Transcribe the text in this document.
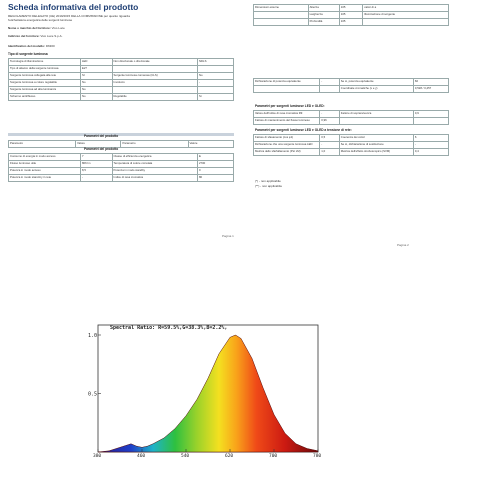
Scheda informativa del prodotto
REGOLAMENTO DELEGATO (UE) 2019/2015 DELLA COMMISSIONE per quanto riguarda
l'etichettatura energetica delle sorgenti luminose
Nome o marchio del fornitore: Vivo Luce
Indirizzo del fornitore: Vivo Luce S.p.A.
Identificativo del modello: D6300
Tipo di sorgente luminosa
Tecnologia di illuminazione	LED	Non direzionale o direzionale	NDLS
Tipo di attacco della sorgente luminosa	E27		
Sorgente luminosa collegata alla rete	SI	Sorgente luminosa connessa (CLS)	No
Sorgente luminosa a colore regolabile	No	Involucro	-
Sorgente luminosa ad alta luminanza	No		
Schermo antiriflesso	No	Regolabile	Si
Parametri del prodotto
Parametro	Valore	Parametro	Valore
Parametri del prodotto
Consumo di energia in modo acceso	7	Classe di efficienza energetica	E
Flusso luminoso utile	806 lm	Temperatura di colore correlata	2700
Potenza in modo acceso	8,5	Potenza in modo standby	0
Potenza in modo stand-by in rete	-	Indice di resa cromatica	80
Pagina 1
Dimensioni esterne	Altezza	105	valori di a
	Larghezza	105	Illuminazione di sorgente
	Profondità	105	
Dichiarazione di potenza equivalente	-	Se si, potenza equivalente	60
		Coordinate cromatiche (x e y)	0,528 / 0,457
Parametri per sorgenti luminose LED e OLED:
Valore dell'indice di resa cromatica R9	-	Fattore di sopravvivenza	0,9
Fattore di mantenimento del flusso luminoso	0,96		
Parametri per sorgenti luminose LED e OLED a tensione di rete:
Fattore di sfasamento (cos φ1)	0,5	Coerenza dei colori	6
Dichiarazione che una sorgente luminosa LED	-	Se sì, dichiarazione di sostituzione	-
Metrica dello sfarfallamento (Pst LM)	1,0	Metrica dell'effetto stroboscopico (SVM)	0,4
(*) - non applicabile
(**) - non applicabile
Pagina 2
Spectral Ratio: R=59.5%,G=38.3%,B=2.2%,
1.0
0.5
380	460	540	620	700	780
